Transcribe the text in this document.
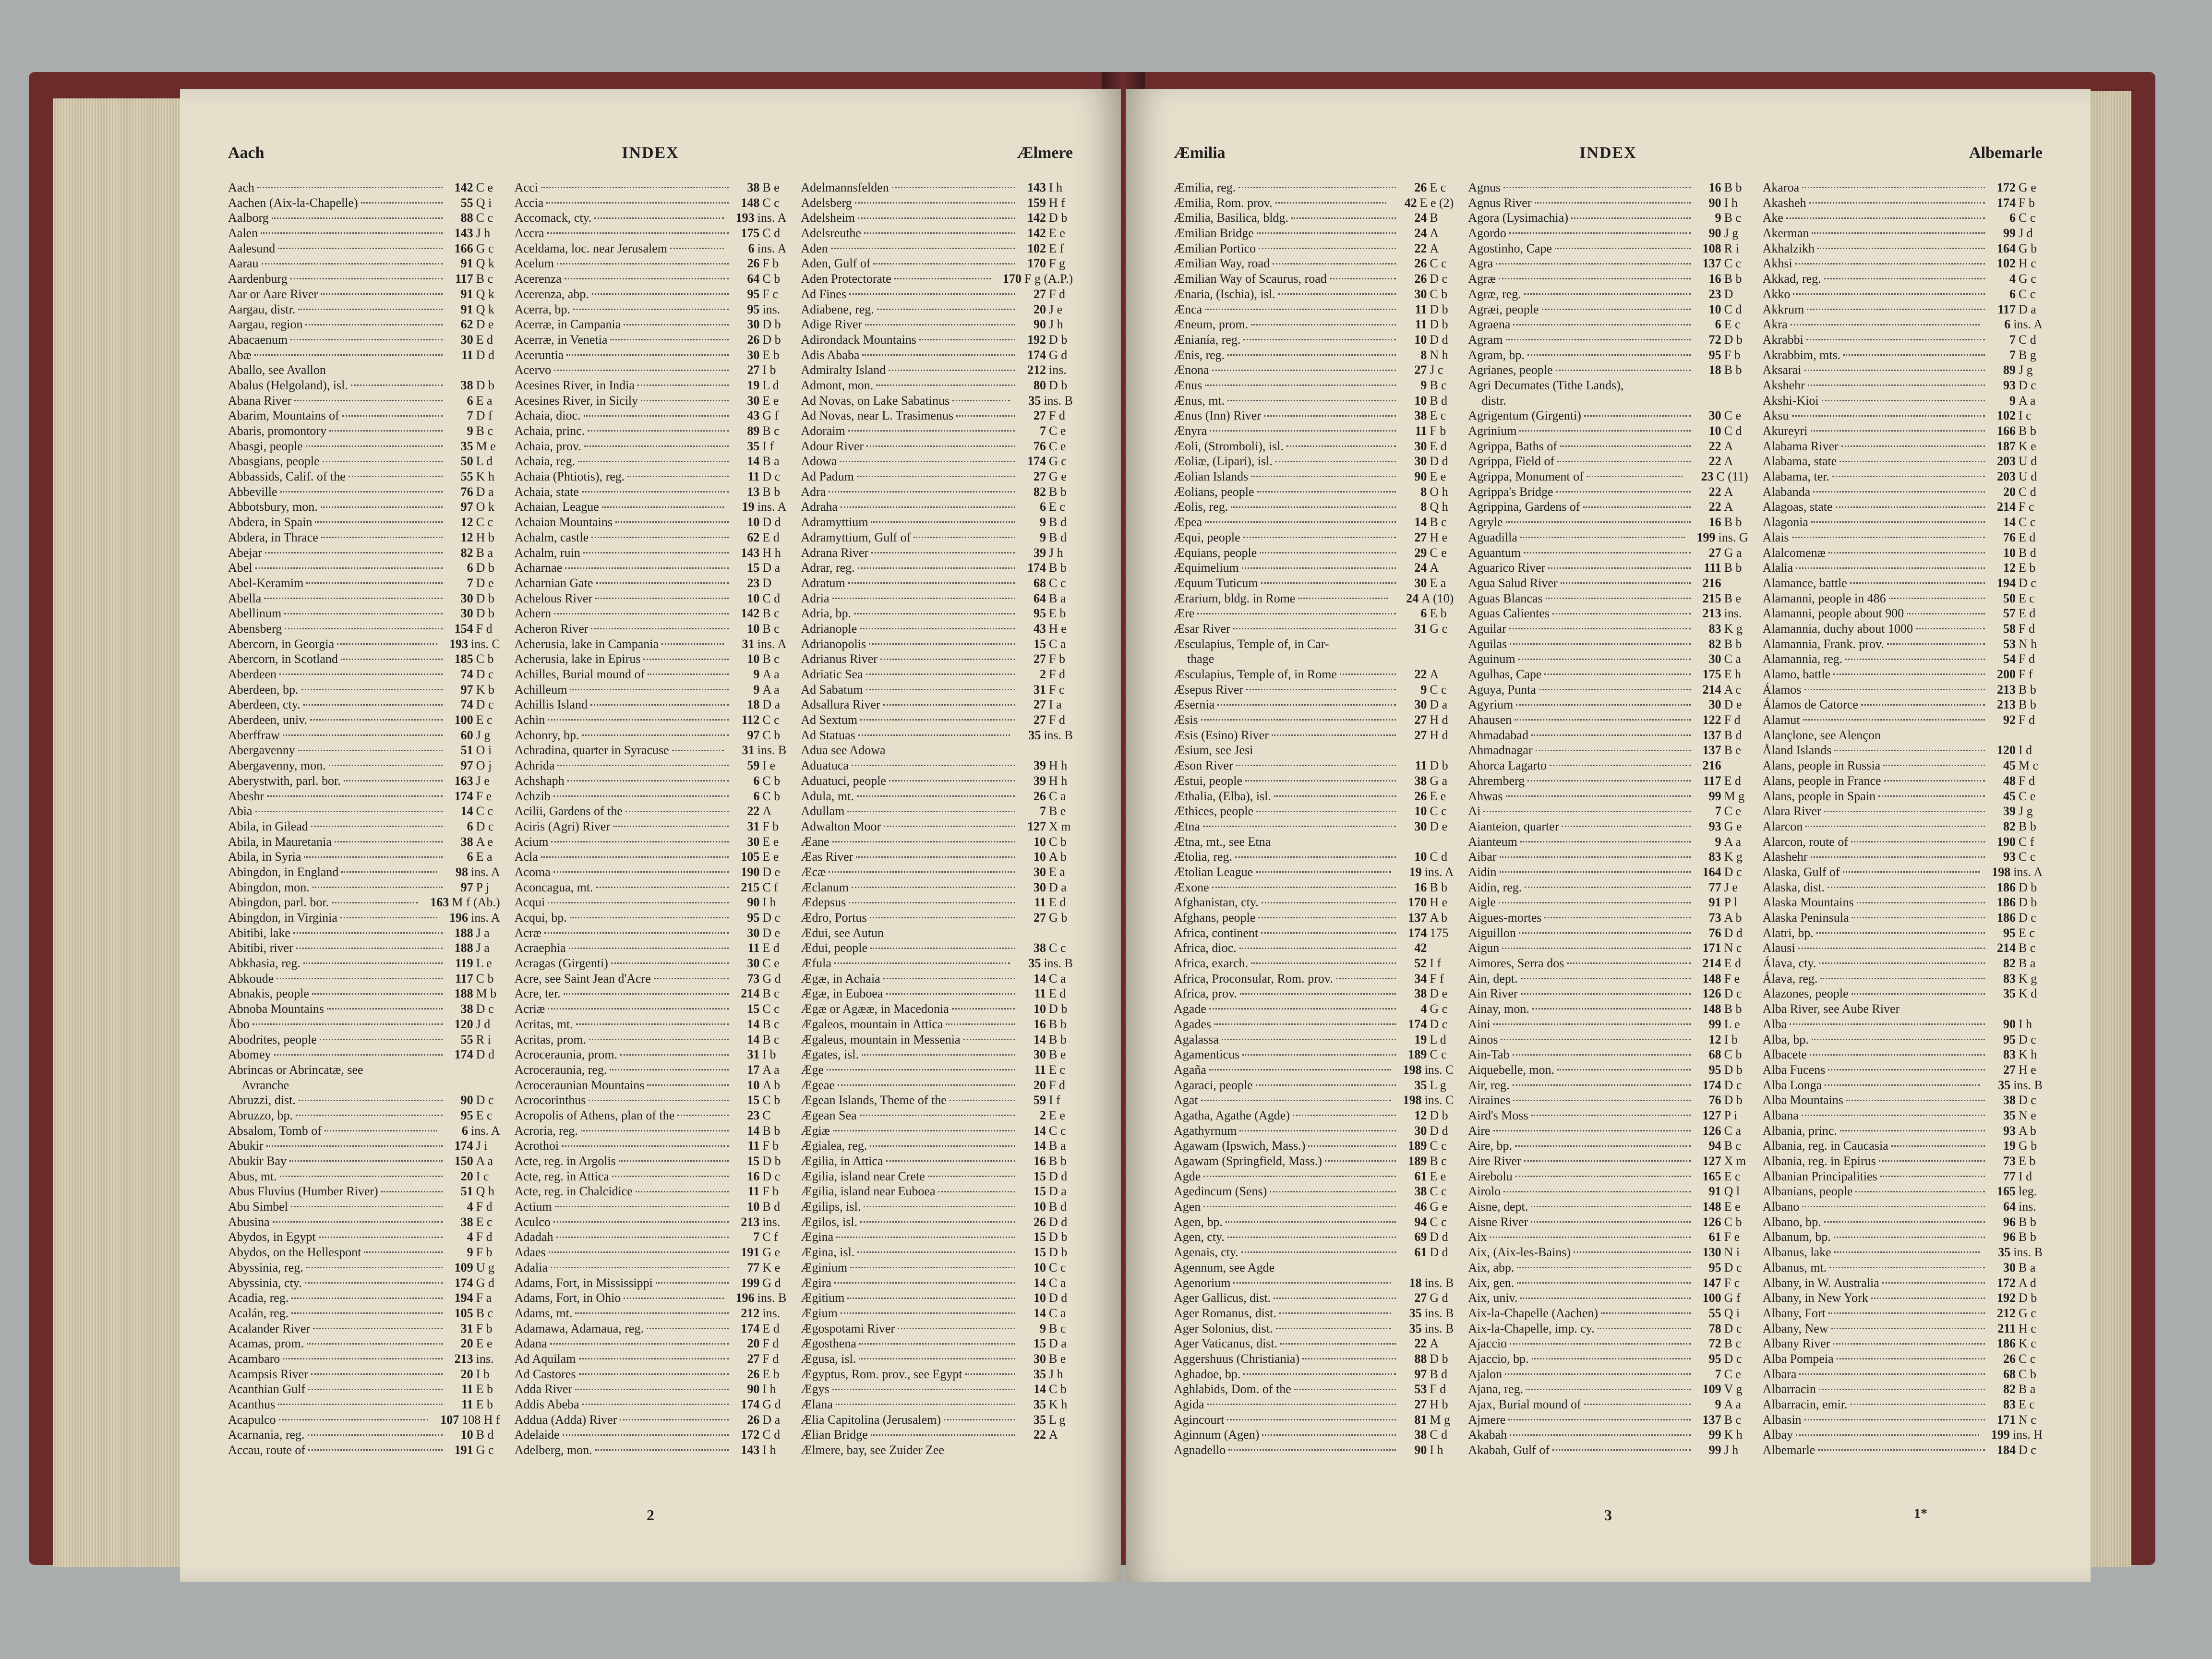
Aach	INDEX	Ælmere
Aach	142 C e
Aachen (Aix-la-Chapelle)	55 Q i
Aalborg	88 C c
Aalen	143 J h
Aalesund	166 G c
Aarau	91 Q k
Aardenburg	117 B c
Aar or Aare River	91 Q k
Aargau, distr.	91 Q k
Aargau, region	62 D e
Abacaenum	30 E d
Abæ	11 D d
Aballo, see Avallon
Abalus (Helgoland), isl.	38 D b
Abana River	6 E a
Abarim, Mountains of	7 D f
Abaris, promontory	9 B c
Abasgi, people	35 M e
Abasgians, people	50 L d
Abbassids, Calif. of the	55 K h
Abbeville	76 D a
Abbotsbury, mon.	97 O k
Abdera, in Spain	12 C c
Abdera, in Thrace	12 H b
Abejar	82 B a
Abel	6 D b
Abel-Keramim	7 D e
Abella	30 D b
Abellinum	30 D b
Abensberg	154 F d
Abercorn, in Georgia	193 ins. C
Abercorn, in Scotland	185 C b
Aberdeen	74 D c
Aberdeen, bp.	97 K b
Aberdeen, cty.	74 D c
Aberdeen, univ.	100 E c
Aberffraw	60 J g
Abergavenny	51 O i
Abergavenny, mon.	97 O j
Aberystwith, parl. bor.	163 J e
Abeshr	174 F e
Abia	14 C c
Abila, in Gilead	6 D c
Abila, in Mauretania	38 A e
Abila, in Syria	6 E a
Abingdon, in England	98 ins. A
Abingdon, mon.	97 P j
Abingdon, parl. bor.	163 M f (Ab.)
Abingdon, in Virginia	196 ins. A
Abitibi, lake	188 J a
Abitibi, river	188 J a
Abkhasia, reg.	119 L e
Abkoude	117 C b
Abnakis, people	188 M b
Abnoba Mountains	38 D c
Åbo	120 J d
Abodrites, people	55 R i
Abomey	174 D d
Abrincas or Abrincatæ, see
Avranche
Abruzzi, dist.	90 D c
Abruzzo, bp.	95 E c
Absalom, Tomb of	6 ins. A
Abukir	174 J i
Abukir Bay	150 A a
Abus, mt.	20 I c
Abus Fluvius (Humber River)	51 Q h
Abu Simbel	4 F d
Abusina	38 E c
Abydos, in Egypt	4 F d
Abydos, on the Hellespont	9 F b
Abyssinia, reg.	109 U g
Abyssinia, cty.	174 G d
Acadia, reg.	194 F a
Acalán, reg.	105 B c
Acalander River	31 F b
Acamas, prom.	20 E e
Acambaro	213 ins.
Acampsis River	20 I b
Acanthian Gulf	11 E b
Acanthus	11 E b
Acapulco	107 108 H f
Acarnania, reg.	10 B d
Accau, route of	191 G c
Acci	38 B e
Accia	148 C c
Accomack, cty.	193 ins. A
Accra	175 C d
Aceldama, loc. near Jerusalem	6 ins. A
Acelum	26 F b
Acerenza	64 C b
Acerenza, abp.	95 F c
Acerra, bp.	95 ins.
Acerræ, in Campania	30 D b
Acerræ, in Venetia	26 D b
Aceruntia	30 E b
Acervo	27 I b
Acesines River, in India	19 L d
Acesines River, in Sicily	30 E e
Achaia, dioc.	43 G f
Achaia, princ.	89 B c
Achaia, prov.	35 I f
Achaia, reg.	14 B a
Achaia (Phtiotis), reg.	11 D c
Achaia, state	13 B b
Achaian, League	19 ins. A
Achaian Mountains	10 D d
Achalm, castle	62 E d
Achalm, ruin	143 H h
Acharnae	15 D a
Acharnian Gate	23 D
Achelous River	10 C d
Achern	142 B c
Acheron River	10 B c
Acherusia, lake in Campania	31 ins. A
Acherusia, lake in Epirus	10 B c
Achilles, Burial mound of	9 A a
Achilleum	9 A a
Achillis Island	18 D a
Achin	112 C c
Achonry, bp.	97 C b
Achradina, quarter in Syracuse	31 ins. B
Achrida	59 I e
Achshaph	6 C b
Achzib	6 C b
Acilii, Gardens of the	22 A
Aciris (Agri) River	31 F b
Acium	30 E e
Acla	105 E e
Acoma	190 D e
Aconcagua, mt.	215 C f
Acqui	90 I h
Acqui, bp.	95 D c
Acræ	30 D e
Acraephia	11 E d
Acragas (Girgenti)	30 C e
Acre, see Saint Jean d'Acre	73 G d
Acre, ter.	214 B c
Acriæ	15 C c
Acritas, mt.	14 B c
Acritas, prom.	14 B c
Acroceraunia, prom.	31 I b
Acroceraunia, reg.	17 A a
Acroceraunian Mountains	10 A b
Acrocorinthus	15 C b
Acropolis of Athens, plan of the	23 C
Acroria, reg.	14 B b
Acrothoi	11 F b
Acte, reg. in Argolis	15 D b
Acte, reg. in Attica	16 D c
Acte, reg. in Chalcidice	11 F b
Actium	10 B d
Aculco	213 ins.
Adadah	7 C f
Adaes	191 G e
Adalia	77 K e
Adams, Fort, in Mississippi	199 G d
Adams, Fort, in Ohio	196 ins. B
Adams, mt.	212 ins.
Adamawa, Adamaua, reg.	174 E d
Adana	20 F d
Ad Aquilam	27 F d
Ad Castores	26 E b
Adda River	90 I h
Addis Abeba	174 G d
Addua (Adda) River	26 D a
Adelaide	172 C d
Adelberg, mon.	143 I h
Adelmannsfelden	143 I h
Adelsberg	159 H f
Adelsheim	142 D b
Adelsreuthe	142 E e
Aden	102 E f
Aden, Gulf of	170 F g
Aden Protectorate	170 F g (A.P.)
Ad Fines	27 F d
Adiabene, reg.	20 J e
Adige River	90 J h
Adirondack Mountains	192 D b
Adis Ababa	174 G d
Admiralty Island	212 ins.
Admont, mon.	80 D b
Ad Novas, on Lake Sabatinus	35 ins. B
Ad Novas, near L. Trasimenus	27 F d
Adoraim	7 C e
Adour River	76 C e
Adowa	174 G c
Ad Padum	27 G e
Adra	82 B b
Adraha	6 E c
Adramyttium	9 B d
Adramyttium, Gulf of	9 B d
Adrana River	39 J h
Adrar, reg.	174 B b
Adratum	68 C c
Adria	64 B a
Adria, bp.	95 E b
Adrianople	43 H e
Adrianopolis	15 C a
Adrianus River	27 F b
Adriatic Sea	2 F d
Ad Sabatum	31 F c
Adsallura River	27 I a
Ad Sextum	27 F d
Ad Statuas	35 ins. B
Adua see Adowa
Aduatuca	39 H h
Aduatuci, people	39 H h
Adula, mt.	26 C a
Adullam	7 B e
Adwalton Moor	127 X m
Æane	10 C b
Æas River	10 A b
Æcæ	30 E a
Æclanum	30 D a
Ædepsus	11 E d
Ædro, Portus	27 G b
Ædui, see Autun
Ædui, people	38 C c
Æfula	35 ins. B
Ægæ, in Achaia	14 C a
Ægæ, in Euboea	11 E d
Ægæ or Agææ, in Macedonia	10 D b
Ægaleos, mountain in Attica	16 B b
Ægaleus, mountain in Messenia	14 B b
Ægates, isl.	30 B e
Æge	11 E c
Ægeae	20 F d
Ægean Islands, Theme of the	59 I f
Ægean Sea	2 E e
Ægiæ	14 C c
Ægialea, reg.	14 B a
Ægilia, in Attica	16 B b
Ægilia, island near Crete	15 D d
Ægilia, island near Euboea	15 D a
Ægilips, isl.	10 B d
Ægilos, isl.	26 D d
Ægina	15 D b
Ægina, isl.	15 D b
Æginium	10 C c
Ægira	14 C a
Ægitium	10 D d
Ægium	14 C a
Ægospotami River	9 B c
Ægosthena	15 D a
Ægusa, isl.	30 B e
Ægyptus, Rom. prov., see Egypt	35 J h
Ægys	14 C b
Ælana	35 K h
Ælia Capitolina (Jerusalem)	35 L g
Ælian Bridge	22 A
Ælmere, bay, see Zuider Zee
2
Æmilia	INDEX	Albemarle
Æmilia, reg.	26 E c
Æmilia, Rom. prov.	42 E e (2)
Æmilia, Basilica, bldg.	24 B
Æmilian Bridge	24 A
Æmilian Portico	22 A
Æmilian Way, road	26 C c
Æmilian Way of Scaurus, road	26 D c
Ænaria, (Ischia), isl.	30 C b
Ænca	11 D b
Æneum, prom.	11 D b
Ænianía, reg.	10 D d
Ænis, reg.	8 N h
Ænona	27 J c
Ænus	9 B c
Ænus, mt.	10 B d
Ænus (Inn) River	38 E c
Ænyra	11 F b
Æoli, (Stromboli), isl.	30 E d
Æoliæ, (Lipari), isl.	30 D d
Æolian Islands	90 E e
Æolians, people	8 O h
Æolis, reg.	8 Q h
Æpea	14 B c
Æqui, people	27 H e
Æquians, people	29 C e
Æquimelium	24 A
Æquum Tuticum	30 E a
Ærarium, bldg. in Rome	24 A (10)
Ære	6 E b
Æsar River	31 G c
Æsculapius, Temple of, in Car-
thage
Æsculapius, Temple of, in Rome	22 A
Æsepus River	9 C c
Æsernia	30 D a
Æsis	27 H d
Æsis (Esino) River	27 H d
Æsium, see Jesi
Æson River	11 D b
Æstui, people	38 G a
Æthalia, (Elba), isl.	26 E e
Æthices, people	10 C c
Ætna	30 D e
Ætna, mt., see Etna
Ætolia, reg.	10 C d
Ætolian League	19 ins. A
Æxone	16 B b
Afghanistan, cty.	170 H e
Afghans, people	137 A b
Africa, continent	174 175
Africa, dioc.	42
Africa, exarch.	52 I f
Africa, Proconsular, Rom. prov.	34 F f
Africa, prov.	38 D e
Agade	4 G c
Agades	174 D c
Agalassa	19 L d
Agamenticus	189 C c
Agaña	198 ins. C
Agaraci, people	35 L g
Agat	198 ins. C
Agatha, Agathe (Agde)	12 D b
Agathyrnum	30 D d
Agawam (Ipswich, Mass.)	189 C c
Agawam (Springfield, Mass.)	189 B c
Agde	61 E e
Agedincum (Sens)	38 C c
Agen	46 G e
Agen, bp.	94 C c
Agen, cty.	69 D d
Agenais, cty.	61 D d
Agennum, see Agde
Agenorium	18 ins. B
Ager Gallicus, dist.	27 G d
Ager Romanus, dist.	35 ins. B
Ager Solonius, dist.	35 ins. B
Ager Vaticanus, dist.	22 A
Aggershuus (Christiania)	88 D b
Aghadoe, bp.	97 B d
Aghlabids, Dom. of the	53 F d
Agida	27 H b
Agincourt	81 M g
Aginnum (Agen)	38 C d
Agnadello	90 I h
Agnus	16 B b
Agnus River	90 I h
Agora (Lysimachia)	9 B c
Agordo	90 J g
Agostinho, Cape	108 R i
Agra	137 C c
Agræ	16 B b
Agræ, reg.	23 D
Agræi, people	10 C d
Agraena	6 E c
Agram	72 D b
Agram, bp.	95 F b
Agrianes, people	18 B b
Agri Decumates (Tithe Lands),
distr.
Agrigentum (Girgenti)	30 C e
Agrinium	10 C d
Agrippa, Baths of	22 A
Agrippa, Field of	22 A
Agrippa, Monument of	23 C (11)
Agrippa's Bridge	22 A
Agrippina, Gardens of	22 A
Agryle	16 B b
Aguadilla	199 ins. G
Aguantum	27 G a
Aguarico River	111 B b
Agua Salud River	216
Aguas Blancas	215 B e
Aguas Calientes	213 ins.
Aguilar	83 K g
Aguilas	82 B b
Aguinum	30 C a
Agulhas, Cape	175 E h
Aguya, Punta	214 A c
Agyrium	30 D e
Ahausen	122 F d
Ahmadabad	137 B d
Ahmadnagar	137 B e
Ahorca Lagarto	216
Ahremberg	117 E d
Ahwas	99 M g
Ai	7 C e
Aianteion, quarter	93 G e
Aianteum	9 A a
Aibar	83 K g
Aidin	164 D c
Aidin, reg.	77 J e
Aigle	91 P l
Aigues-mortes	73 A b
Aiguillon	76 D d
Aigun	171 N c
Aimores, Serra dos	214 E d
Ain, dept.	148 F e
Ain River	126 D c
Ainay, mon.	148 B b
Aini	99 L e
Ainos	12 I b
Ain-Tab	68 C b
Aiquebelle, mon.	95 D b
Air, reg.	174 D c
Airaines	76 D b
Aird's Moss	127 P i
Aire	126 C a
Aire, bp.	94 B c
Aire River	127 X m
Airebolu	165 E c
Airolo	91 Q l
Aisne, dept.	148 E e
Aisne River	126 C b
Aix	61 F e
Aix, (Aix-les-Bains)	130 N i
Aix, abp.	95 D c
Aix, gen.	147 F c
Aix, univ.	100 G f
Aix-la-Chapelle (Aachen)	55 Q i
Aix-la-Chapelle, imp. cy.	78 D c
Ajaccio	72 B c
Ajaccio, bp.	95 D c
Ajalon	7 C e
Ajana, reg.	109 V g
Ajax, Burial mound of	9 A a
Ajmere	137 B c
Akabah	99 K h
Akabah, Gulf of	99 J h
Akaroa	172 G e
Akasheh	174 F b
Ake	6 C c
Akerman	99 J d
Akhalzikh	164 G b
Akhsi	102 H c
Akkad, reg.	4 G c
Akko	6 C c
Akkrum	117 D a
Akra	6 ins. A
Akrabbi	7 C d
Akrabbim, mts.	7 B g
Aksarai	89 J g
Akshehr	93 D c
Akshi-Kioi	9 A a
Aksu	102 I c
Akureyri	166 B b
Alabama River	187 K e
Alabama, state	203 U d
Alabama, ter.	203 U d
Alabanda	20 C d
Alagoas, state	214 F c
Alagonia	14 C c
Alais	76 E d
Alalcomenæ	10 B d
Alalia	12 E b
Alamance, battle	194 D c
Alamanni, people in 486	50 E c
Alamanni, people about 900	57 E d
Alamannia, duchy about 1000	58 F d
Alamannia, Frank. prov.	53 N h
Alamannia, reg.	54 F d
Alamo, battle	200 F f
Álamos	213 B b
Álamos de Catorce	213 B b
Alamut	92 F d
Alançlone, see Alençon
Åland Islands	120 I d
Alans, people in Russia	45 M c
Alans, people in France	48 F d
Alans, people in Spain	45 C e
Alara River	39 J g
Alarcon	82 B b
Alarcon, route of	190 C f
Alashehr	93 C c
Alaska, Gulf of	198 ins. A
Alaska, dist.	186 D b
Alaska Mountains	186 D b
Alaska Peninsula	186 D c
Alatri, bp.	95 E c
Alausi	214 B c
Álava, cty.	82 B a
Álava, reg.	83 K g
Alazones, people	35 K d
Alba River, see Aube River
Alba	90 I h
Alba, bp.	95 D c
Albacete	83 K h
Alba Fucens	27 H e
Alba Longa	35 ins. B
Alba Mountains	38 D c
Albana	35 N e
Albania, princ.	93 A b
Albania, reg. in Caucasia	19 G b
Albania, reg. in Epirus	73 E b
Albanian Principalities	77 I d
Albanians, people	165 leg.
Albano	64 ins.
Albano, bp.	96 B b
Albanum, bp.	96 B b
Albanus, lake	35 ins. B
Albanus, mt.	30 B a
Albany, in W. Australia	172 A d
Albany, in New York	192 D b
Albany, Fort	212 G c
Albany, New	211 H c
Albany River	186 K c
Alba Pompeia	26 C c
Albara	68 C b
Albarracin	82 B a
Albarracin, emir.	83 E c
Albasin	171 N c
Albay	199 ins. H
Albemarle	184 D c
3	1*
